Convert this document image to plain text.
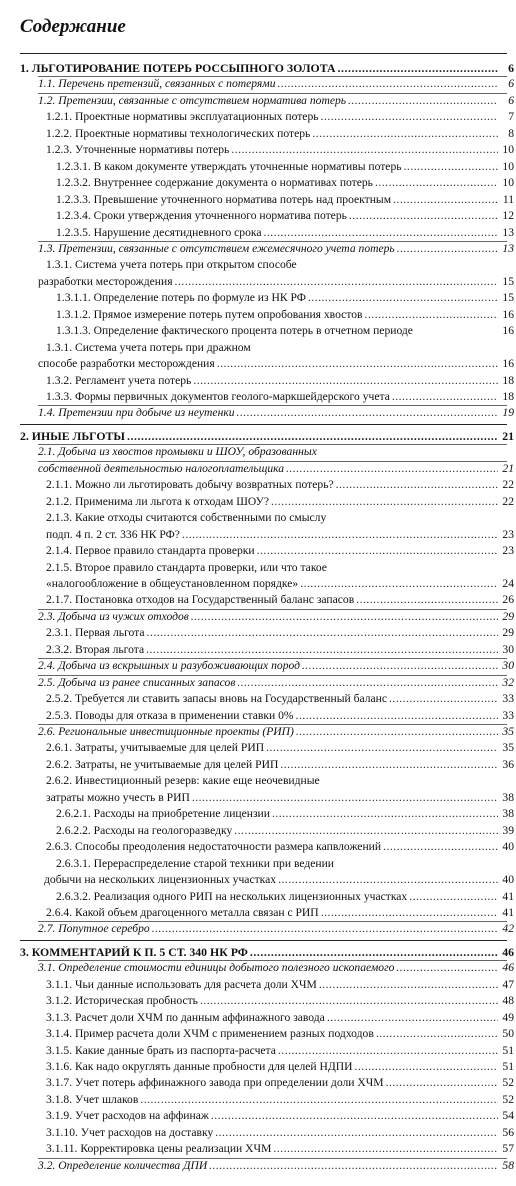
Содержание
1. ЛЬГОТИРОВАНИЕ ПОТЕРЬ РОССЫПНОГО ЗОЛОТА . . .	6
1.1. Перечень претензий, связанных с потерями . . .	6
1.2. Претензии, связанные с отсутствием норматива потерь . . .	6
1.2.1. Проектные нормативы эксплуатационных потерь . . .	7
1.2.2. Проектные нормативы технологических потерь . . .	8
1.2.3. Уточненные нормативы потерь . . .	10
1.2.3.1. В каком документе утверждать уточненные нормативы потерь . . .	10
1.2.3.2. Внутреннее содержание документа о нормативах потерь . . .	10
1.2.3.3. Превышение уточненного норматива потерь над проектным . . .	11
1.2.3.4. Сроки утверждения уточненного норматива потерь . . .	12
1.2.3.5. Нарушение десятидневного срока . . .	13
1.3. Претензии, связанные с отсутствием ежемесячного учета потерь . . .	13
1.3.1. Система учета потерь при открытом способе
разработки месторождения . . .	15
1.3.1.1. Определение потерь по формуле из НК РФ . . .	15
1.3.1.2. Прямое измерение потерь путем опробования хвостов . . .	16
1.3.1.3. Определение фактического процента потерь в отчетном периоде	16
1.3.1. Система учета потерь при дражном
способе разработки месторождения . . .	16
1.3.2. Регламент учета потерь . . .	18
1.3.3. Формы первичных документов геолого-маркшейдерского учета . . .	18
1.4. Претензии при добыче из неутенки . . .	19
2. ИНЫЕ ЛЬГОТЫ . . .	21
2.1. Добыча из хвостов промывки и ШОУ, образованных
собственной деятельностью налогоплательщика . . .	21
2.1.1. Можно ли льготировать добычу возвратных потерь? . . .	22
2.1.2. Применима ли льгота к отходам ШОУ? . . .	22
2.1.3. Какие отходы считаются собственными по смыслу
подп. 4 п. 2 ст. 336 НК РФ? . . .	23
2.1.4. Первое правило стандарта проверки . . .	23
2.1.5. Второе правило стандарта проверки, или что такое
«налогообложение в общеустановленном порядке» . . .	24
2.1.7. Постановка отходов на Государственный баланс запасов . . .	26
2.3. Добыча из чужих отходов . . .	29
2.3.1. Первая льгота . . .	29
2.3.2. Вторая льгота . . .	30
2.4. Добыча из вскрышных и разубоживающих пород . . .	30
2.5. Добыча из ранее списанных запасов . . .	32
2.5.2. Требуется ли ставить запасы вновь на Государственный баланс . . .	33
2.5.3. Поводы для отказа в применении ставки 0% . . .	33
2.6. Региональные инвестиционные проекты (РИП) . . .	35
2.6.1. Затраты, учитываемые для целей РИП . . .	35
2.6.2. Затраты, не учитываемые для целей РИП . . .	36
2.6.2. Инвестиционный резерв: какие еще неочевидные
затраты можно учесть в РИП . . .	38
2.6.2.1. Расходы на приобретение лицензии . . .	38
2.6.2.2. Расходы на геологоразведку . . .	39
2.6.3. Способы преодоления недостаточности размера капвложений . . .	40
2.6.3.1. Перераспределение старой техники при ведении
добычи на нескольких лицензионных участках . . .	40
2.6.3.2. Реализация одного РИП на нескольких лицензионных участках . . .	41
2.6.4. Какой объем драгоценного металла связан с РИП . . .	41
2.7. Попутное серебро . . .	42
3. КОММЕНТАРИЙ К П. 5 СТ. 340 НК РФ . . .	46
3.1. Определение стоимости единицы добытого полезного ископаемого . . .	46
3.1.1. Чьи данные использовать для расчета доли ХЧМ . . .	47
3.1.2. Историческая пробность . . .	48
3.1.3. Расчет доли ХЧМ по данным аффинажного завода . . .	49
3.1.4. Пример расчета доли ХЧМ с применением разных подходов . . .	50
3.1.5. Какие данные брать из паспорта-расчета . . .	51
3.1.6. Как надо округлять данные пробности для целей НДПИ . . .	51
3.1.7. Учет потерь аффинажного завода при определении доли ХЧМ . . .	52
3.1.8. Учет шлаков . . .	52
3.1.9. Учет расходов на аффинаж . . .	54
3.1.10. Учет расходов на доставку . . .	56
3.1.11. Корректировка цены реализации ХЧМ . . .	57
3.2. Определение количества ДПИ . . .	58
